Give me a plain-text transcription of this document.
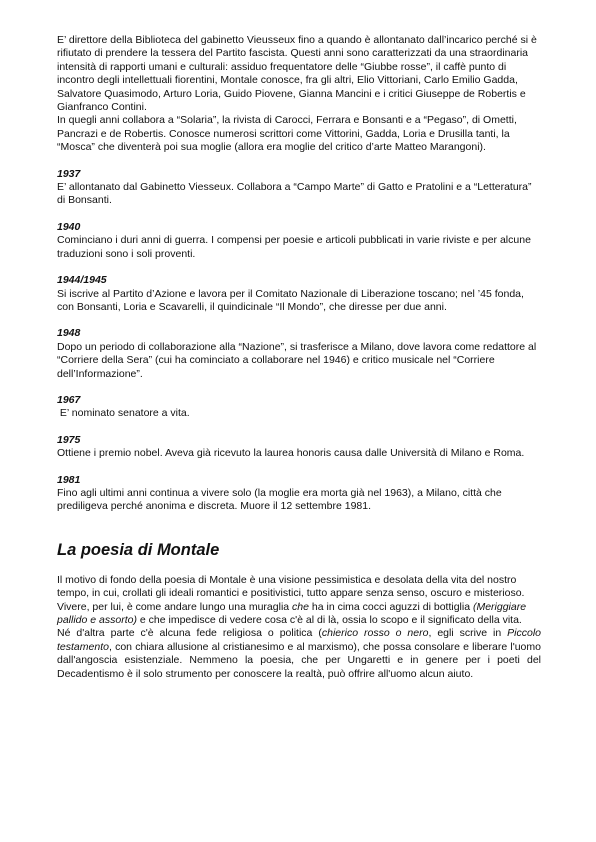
E’ direttore della Biblioteca del gabinetto Vieusseux fino a quando è allontanato dall’incarico perché si è rifiutato di prendere la tessera del Partito fascista. Questi anni sono caratterizzati da una straordinaria intensità di rapporti umani e culturali: assiduo frequentatore delle “Giubbe rosse”, il caffè punto di incontro degli intellettuali fiorentini, Montale conosce, fra gli altri, Elio Vittoriani, Carlo Emilio Gadda, Salvatore Quasimodo, Arturo Loria, Guido Piovene, Gianna Mancini e i critici Giuseppe de Robertis e Gianfranco Contini.

In quegli anni collabora a “Solaria”, la rivista di Carocci, Ferrara e Bonsanti e a “Pegaso”, di Ometti, Pancrazi e de Robertis. Conosce numerosi scrittori come Vittorini, Gadda, Loria e Drusilla tanti, la “Mosca” che diventerà poi sua moglie (allora era moglie del critico d’arte Matteo Marangoni).

1937

E’ allontanato dal Gabinetto Viesseux. Collabora a “Campo Marte” di Gatto e Pratolini e a “Letteratura” di Bonsanti.

1940

Cominciano i duri anni di guerra. I compensi per poesie e articoli pubblicati in varie riviste e per alcune traduzioni sono i soli proventi.

1944/1945

Si iscrive al Partito d’Azione e lavora per il Comitato Nazionale di Liberazione toscano; nel ’45 fonda, con Bonsanti, Loria e Scavarelli, il quindicinale “Il Mondo”, che diresse per due anni.

1948

Dopo un periodo di collaborazione alla “Nazione”, si trasferisce a Milano, dove lavora come redattore al “Corriere della Sera” (cui ha cominciato a collaborare nel 1946) e critico musicale nel “Corriere dell’Informazione”.

1967

E’ nominato senatore a vita.

1975

Ottiene i premio nobel. Aveva già ricevuto la laurea honoris causa dalle Università di Milano e Roma.

1981

Fino agli ultimi anni continua a vivere solo (la moglie era morta già nel 1963), a Milano, città che prediligeva perché anonima e discreta. Muore il 12 settembre 1981.

La poesia di Montale

Il motivo di fondo della poesia di Montale è una visione pessimistica e desolata della vita del nostro tempo, in cui, crollati gli ideali romantici e positivistici, tutto appare senza senso, oscuro e misterioso. Vivere, per lui, è come andare lungo una muraglia che ha in cima cocci aguzzi di bottiglia (Meriggiare pallido e assorto) e che impedisce di vedere cosa c'è al di là, ossia lo scopo e il significato della vita.

Né d'altra parte c'è alcuna fede religiosa o politica (chierico rosso o nero, egli scrive in Piccolo testamento, con chiara allusione al cristianesimo e al marxismo), che possa consolare e liberare l'uomo dall'angoscia esistenziale. Nemmeno la poesia, che per Ungaretti e in genere per i poeti del Decadentismo è il solo strumento per conoscere la realtà, può offrire all'uomo alcun aiuto.
